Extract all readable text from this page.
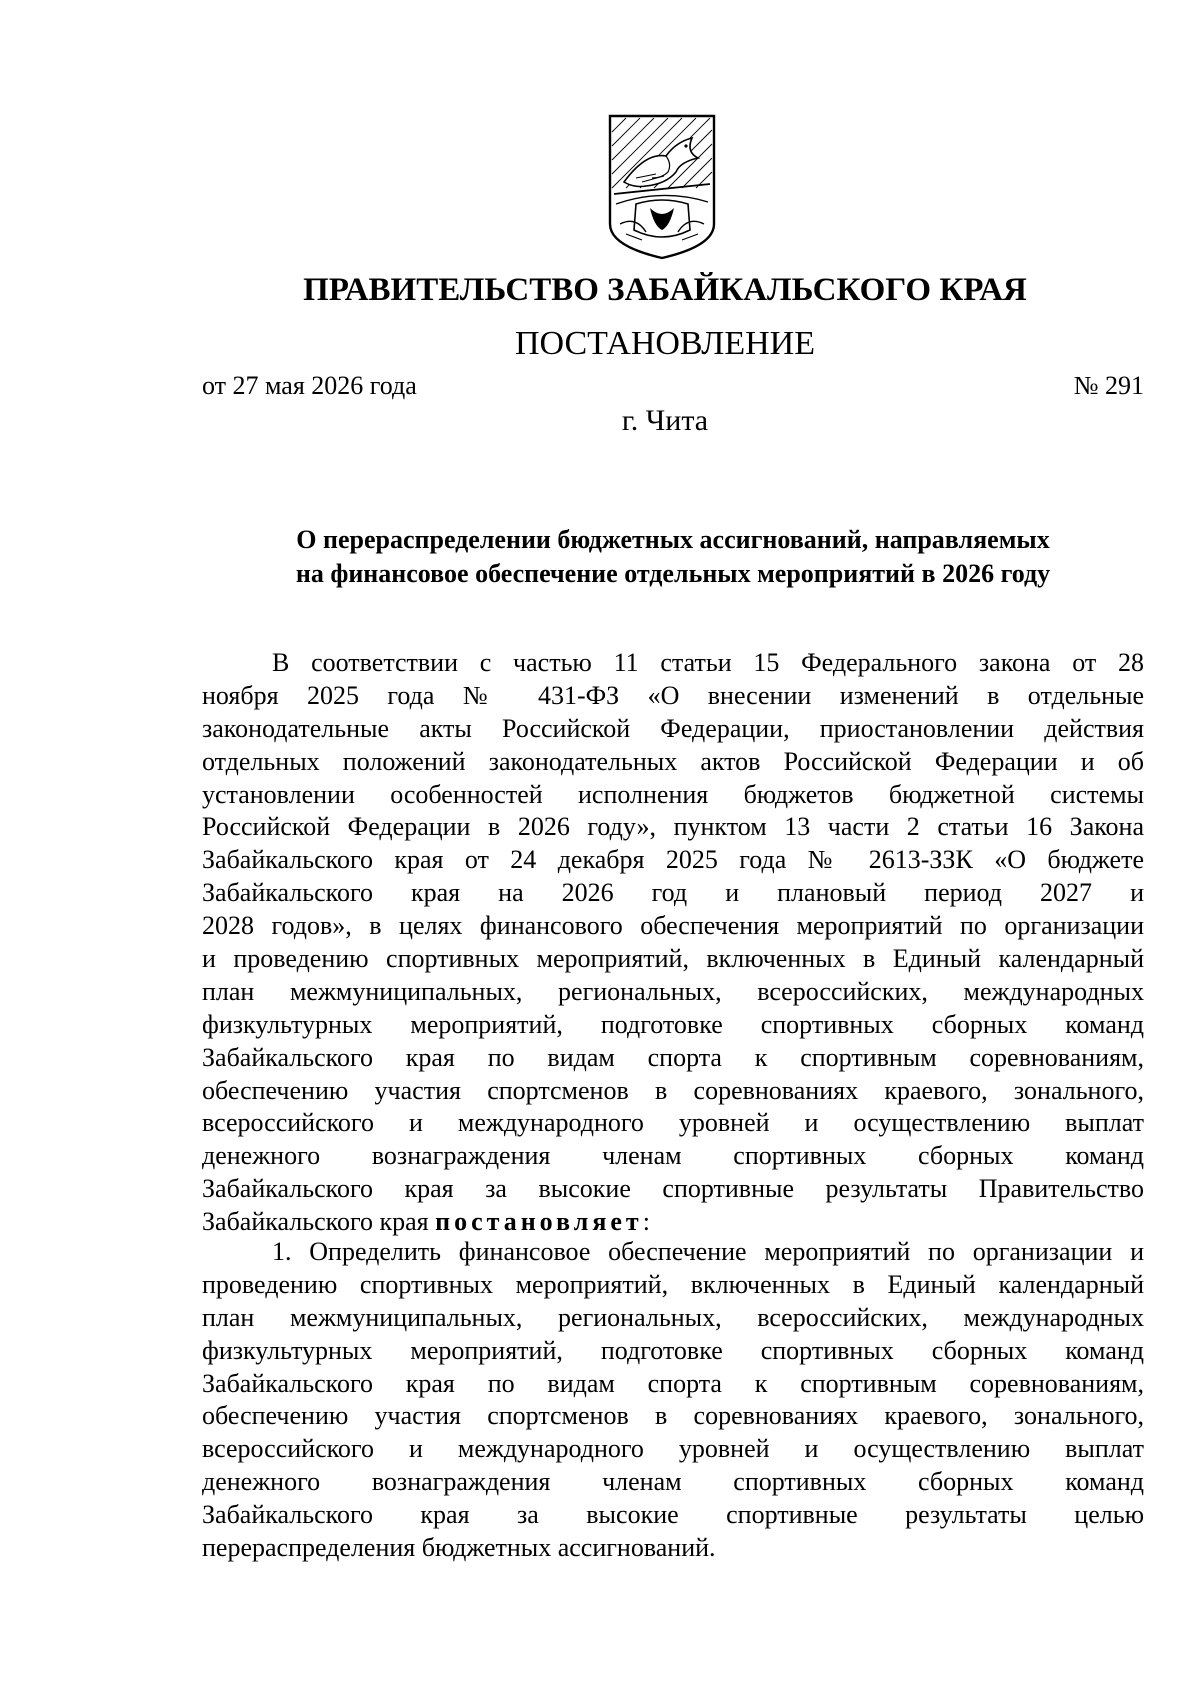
ПРАВИТЕЛЬСТВО ЗАБАЙКАЛЬСКОГО КРАЯ
ПОСТАНОВЛЕНИЕ
от 27 мая 2026 года	№ 291
г. Чита
О перераспределении бюджетных ассигнований, направляемых
на финансовое обеспечение отдельных мероприятий в 2026 году
В соответствии с частью 11 статьи 15 Федерального закона от 28
ноября 2025 года № 431-ФЗ «О внесении изменений в отдельные
законодательные акты Российской Федерации, приостановлении действия
отдельных положений законодательных актов Российской Федерации и об
установлении особенностей исполнения бюджетов бюджетной системы
Российской Федерации в 2026 году», пунктом 13 части 2 статьи 16 Закона
Забайкальского края от 24 декабря 2025 года № 2613-ЗЗК «О бюджете
Забайкальского края на 2026 год и плановый период 2027 и
2028 годов», в целях финансового обеспечения мероприятий по организации
и проведению спортивных мероприятий, включенных в Единый календарный
план межмуниципальных, региональных, всероссийских, международных
физкультурных мероприятий, подготовке спортивных сборных команд
Забайкальского края по видам спорта к спортивным соревнованиям,
обеспечению участия спортсменов в соревнованиях краевого, зонального,
всероссийского и международного уровней и осуществлению выплат
денежного вознаграждения членам спортивных сборных команд
Забайкальского края за высокие спортивные результаты Правительство
Забайкальского края постановляет:
1. Определить финансовое обеспечение мероприятий по организации и
проведению спортивных мероприятий, включенных в Единый календарный
план межмуниципальных, региональных, всероссийских, международных
физкультурных мероприятий, подготовке спортивных сборных команд
Забайкальского края по видам спорта к спортивным соревнованиям,
обеспечению участия спортсменов в соревнованиях краевого, зонального,
всероссийского и международного уровней и осуществлению выплат
денежного вознаграждения членам спортивных сборных команд
Забайкальского края за высокие спортивные результаты целью
перераспределения бюджетных ассигнований.
